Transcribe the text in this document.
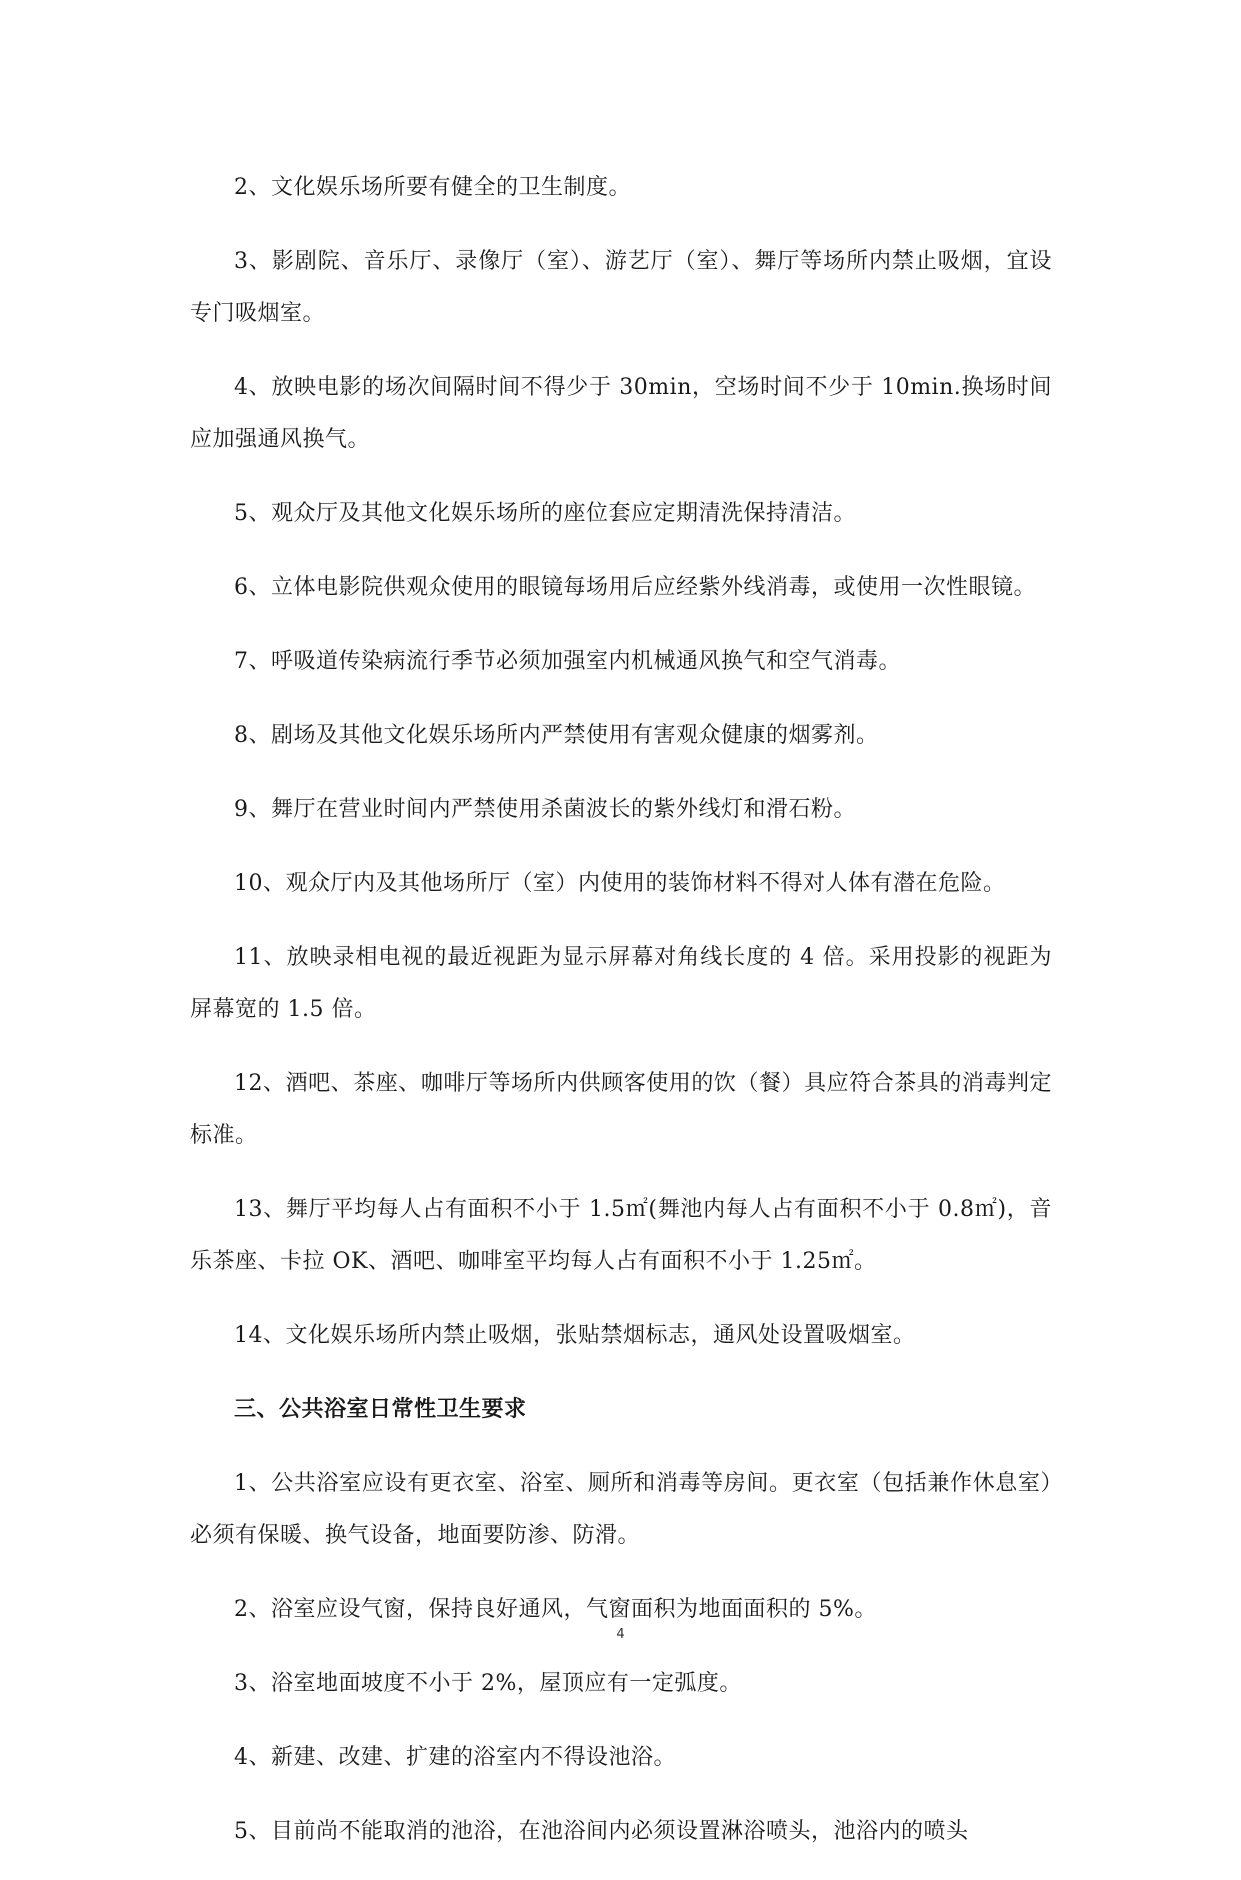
2、文化娱乐场所要有健全的卫生制度。

3、影剧院、音乐厅、录像厅（室）、游艺厅（室）、舞厅等场所内禁止吸烟，宜设专门吸烟室。

4、放映电影的场次间隔时间不得少于 30min，空场时间不少于 10min.换场时间应加强通风换气。

5、观众厅及其他文化娱乐场所的座位套应定期清洗保持清洁。

6、立体电影院供观众使用的眼镜每场用后应经紫外线消毒，或使用一次性眼镜。

7、呼吸道传染病流行季节必须加强室内机械通风换气和空气消毒。

8、剧场及其他文化娱乐场所内严禁使用有害观众健康的烟雾剂。

9、舞厅在营业时间内严禁使用杀菌波长的紫外线灯和滑石粉。

10、观众厅内及其他场所厅（室）内使用的装饰材料不得对人体有潜在危险。

11、放映录相电视的最近视距为显示屏幕对角线长度的 4 倍。采用投影的视距为屏幕宽的 1.5 倍。

12、酒吧、茶座、咖啡厅等场所内供顾客使用的饮（餐）具应符合茶具的消毒判定标准。

13、舞厅平均每人占有面积不小于 1.5㎡(舞池内每人占有面积不小于 0.8㎡)，音乐茶座、卡拉 OK、酒吧、咖啡室平均每人占有面积不小于 1.25㎡。

14、文化娱乐场所内禁止吸烟，张贴禁烟标志，通风处设置吸烟室。

三、公共浴室日常性卫生要求

1、公共浴室应设有更衣室、浴室、厕所和消毒等房间。更衣室（包括兼作休息室）必须有保暖、换气设备，地面要防渗、防滑。

2、浴室应设气窗，保持良好通风，气窗面积为地面面积的 5%。

3、浴室地面坡度不小于 2%，屋顶应有一定弧度。

4、新建、改建、扩建的浴室内不得设池浴。

5、目前尚不能取消的池浴，在池浴间内必须设置淋浴喷头，池浴内的喷头

4
